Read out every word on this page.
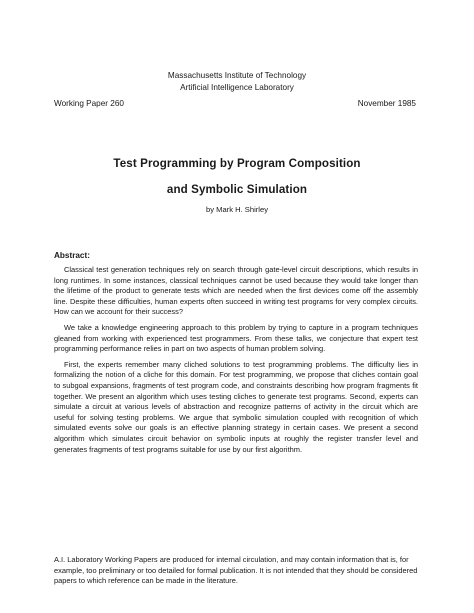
Massachusetts Institute of Technology
Artificial Intelligence Laboratory
Working Paper 260	November 1985
Test Programming by Program Composition
and Symbolic Simulation
by Mark H. Shirley
Abstract:

Classical test generation techniques rely on search through gate-level circuit descriptions, which results in long runtimes. In some instances, classical techniques cannot be used because they would take longer than the lifetime of the product to generate tests which are needed when the first devices come off the assembly line. Despite these difficulties, human experts often succeed in writing test programs for very complex circuits. How can we account for their success?

We take a knowledge engineering approach to this problem by trying to capture in a program techniques gleaned from working with experienced test programmers. From these talks, we conjecture that expert test programming performance relies in part on two aspects of human problem solving.

First, the experts remember many cliched solutions to test programming problems. The difficulty lies in formalizing the notion of a cliche for this domain. For test programming, we propose that cliches contain goal to subgoal expansions, fragments of test program code, and constraints describing how program fragments fit together. We present an algorithm which uses testing cliches to generate test programs. Second, experts can simulate a circuit at various levels of abstraction and recognize patterns of activity in the circuit which are useful for solving testing problems. We argue that symbolic simulation coupled with recognition of which simulated events solve our goals is an effective planning strategy in certain cases. We present a second algorithm which simulates circuit behavior on symbolic inputs at roughly the register transfer level and generates fragments of test programs suitable for use by our first algorithm.

A.I. Laboratory Working Papers are produced for internal circulation, and may contain information that is, for example, too preliminary or too detailed for formal publication. It is not intended that they should be considered papers to which reference can be made in the literature.
